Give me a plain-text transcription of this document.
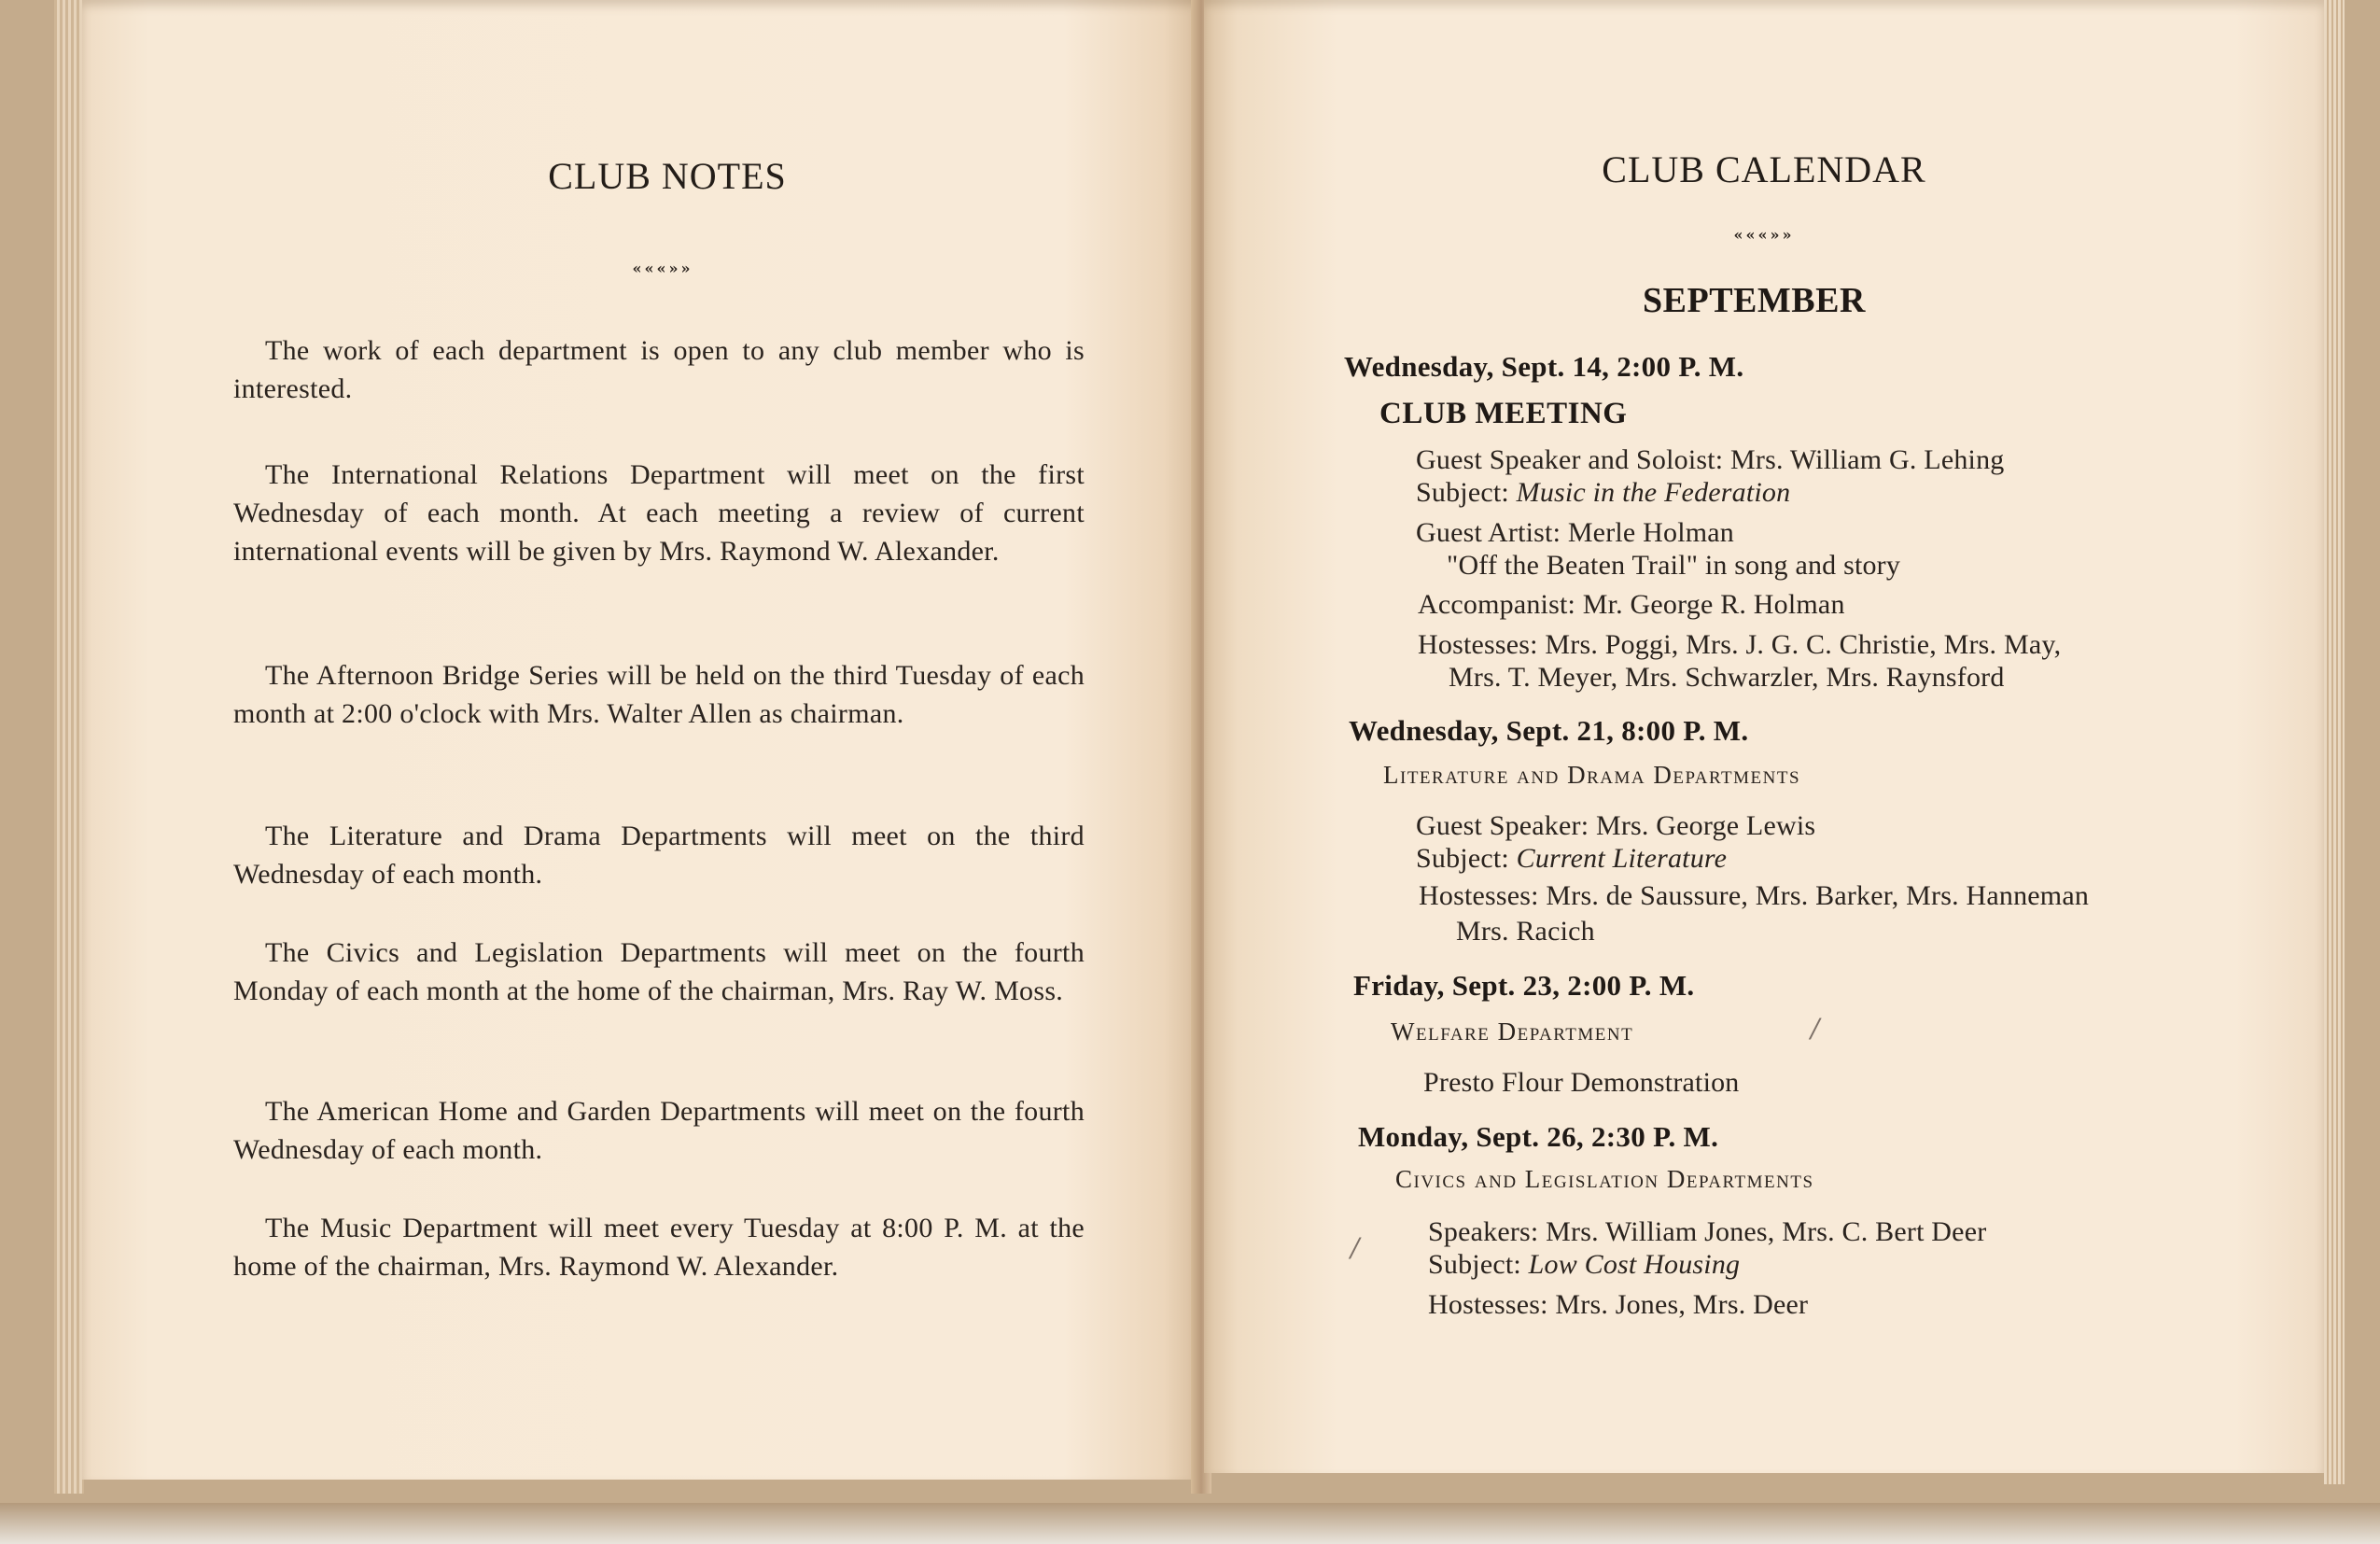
CLUB NOTES
«««»»

The work of each department is open to any club member who is interested.

The International Relations Department will meet on the first Wednesday of each month. At each meeting a review of current international events will be given by Mrs. Raymond W. Alexander.

The Afternoon Bridge Series will be held on the third Tuesday of each month at 2:00 o'clock with Mrs. Walter Allen as chairman.

The Literature and Drama Departments will meet on the third Wednesday of each month.

The Civics and Legislation Departments will meet on the fourth Monday of each month at the home of the chairman, Mrs. Ray W. Moss.

The American Home and Garden Departments will meet on the fourth Wednesday of each month.

The Music Department will meet every Tuesday at 8:00 P. M. at the home of the chairman, Mrs. Raymond W. Alexander.

CLUB CALENDAR
«««»»
SEPTEMBER

Wednesday, Sept. 14, 2:00 P. M.

CLUB MEETING

Guest Speaker and Soloist: Mrs. William G. Lehing

Subject: Music in the Federation

Guest Artist: Merle Holman

"Off the Beaten Trail" in song and story

Accompanist: Mr. George R. Holman

Hostesses: Mrs. Poggi, Mrs. J. G. C. Christie, Mrs. May,

Mrs. T. Meyer, Mrs. Schwarzler, Mrs. Raynsford

Wednesday, Sept. 21, 8:00 P. M.

Literature and Drama Departments

Guest Speaker: Mrs. George Lewis

Subject: Current Literature

Hostesses: Mrs. de Saussure, Mrs. Barker, Mrs. Hanneman

Mrs. Racich

Friday, Sept. 23, 2:00 P. M.

Welfare Department

Presto Flour Demonstration

Monday, Sept. 26, 2:30 P. M.

Civics and Legislation Departments

Speakers: Mrs. William Jones, Mrs. C. Bert Deer

Subject: Low Cost Housing

Hostesses: Mrs. Jones, Mrs. Deer

/
/
